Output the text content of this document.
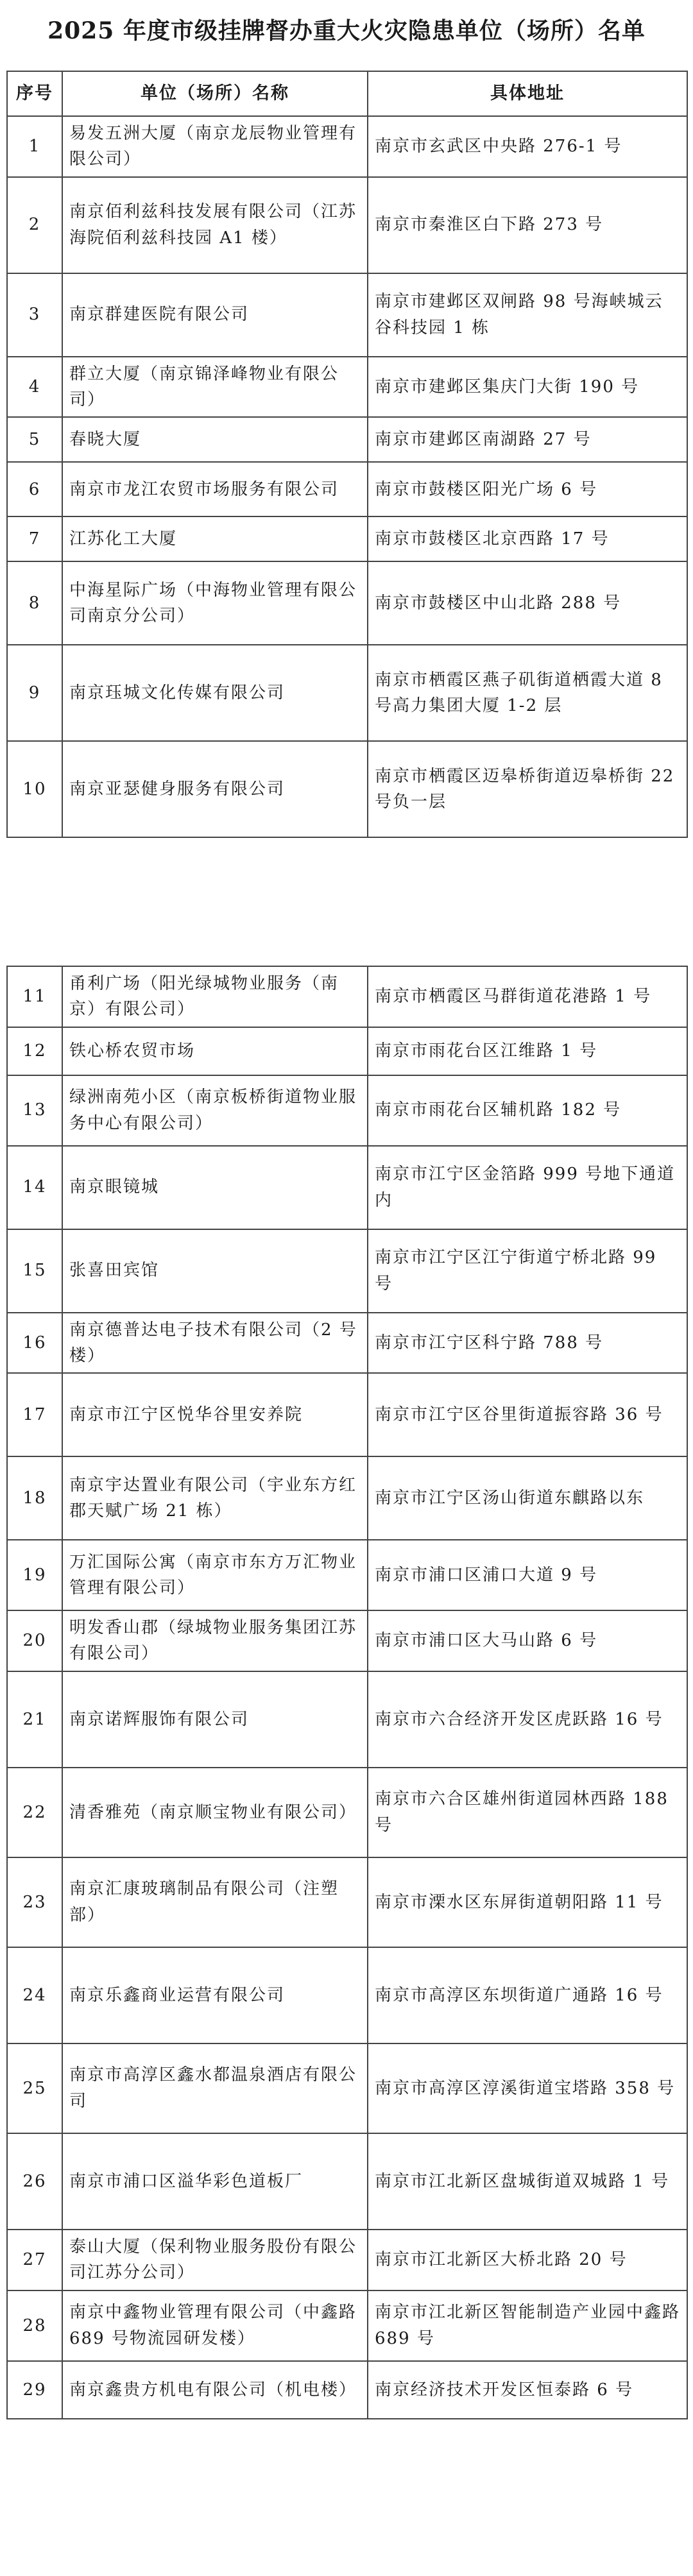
2025 年度市级挂牌督办重大火灾隐患单位（场所）名单
序号	单位（场所）名称	具体地址
1	易发五洲大厦（南京龙辰物业管理有限公司）	南京市玄武区中央路 276-1 号
2	南京佰利兹科技发展有限公司（江苏海院佰利兹科技园 A1 楼）	南京市秦淮区白下路 273 号
3	南京群建医院有限公司	南京市建邺区双闸路 98 号海峡城云谷科技园 1 栋
4	群立大厦（南京锦泽峰物业有限公司）	南京市建邺区集庆门大街 190 号
5	春晓大厦	南京市建邺区南湖路 27 号
6	南京市龙江农贸市场服务有限公司	南京市鼓楼区阳光广场 6 号
7	江苏化工大厦	南京市鼓楼区北京西路 17 号
8	中海星际广场（中海物业管理有限公司南京分公司）	南京市鼓楼区中山北路 288 号
9	南京珏城文化传媒有限公司	南京市栖霞区燕子矶街道栖霞大道 8 号高力集团大厦 1-2 层
10	南京亚瑟健身服务有限公司	南京市栖霞区迈皋桥街道迈皋桥街 22 号负一层
11	甬利广场（阳光绿城物业服务（南京）有限公司）	南京市栖霞区马群街道花港路 1 号
12	铁心桥农贸市场	南京市雨花台区江维路 1 号
13	绿洲南苑小区（南京板桥街道物业服务中心有限公司）	南京市雨花台区辅机路 182 号
14	南京眼镜城	南京市江宁区金箔路 999 号地下通道内
15	张喜田宾馆	南京市江宁区江宁街道宁桥北路 99 号
16	南京德普达电子技术有限公司（2 号楼）	南京市江宁区科宁路 788 号
17	南京市江宁区悦华谷里安养院	南京市江宁区谷里街道振容路 36 号
18	南京宇达置业有限公司（宇业东方红郡天赋广场 21 栋）	南京市江宁区汤山街道东麒路以东
19	万汇国际公寓（南京市东方万汇物业管理有限公司）	南京市浦口区浦口大道 9 号
20	明发香山郡（绿城物业服务集团江苏有限公司）	南京市浦口区大马山路 6 号
21	南京诺辉服饰有限公司	南京市六合经济开发区虎跃路 16 号
22	清香雅苑（南京顺宝物业有限公司）	南京市六合区雄州街道园林西路 188 号
23	南京汇康玻璃制品有限公司（注塑部）	南京市溧水区东屏街道朝阳路 11 号
24	南京乐鑫商业运营有限公司	南京市高淳区东坝街道广通路 16 号
25	南京市高淳区鑫水都温泉酒店有限公司	南京市高淳区淳溪街道宝塔路 358 号
26	南京市浦口区溢华彩色道板厂	南京市江北新区盘城街道双城路 1 号
27	泰山大厦（保利物业服务股份有限公司江苏分公司）	南京市江北新区大桥北路 20 号
28	南京中鑫物业管理有限公司（中鑫路 689 号物流园研发楼）	南京市江北新区智能制造产业园中鑫路 689 号
29	南京鑫贵方机电有限公司（机电楼）	南京经济技术开发区恒泰路 6 号
